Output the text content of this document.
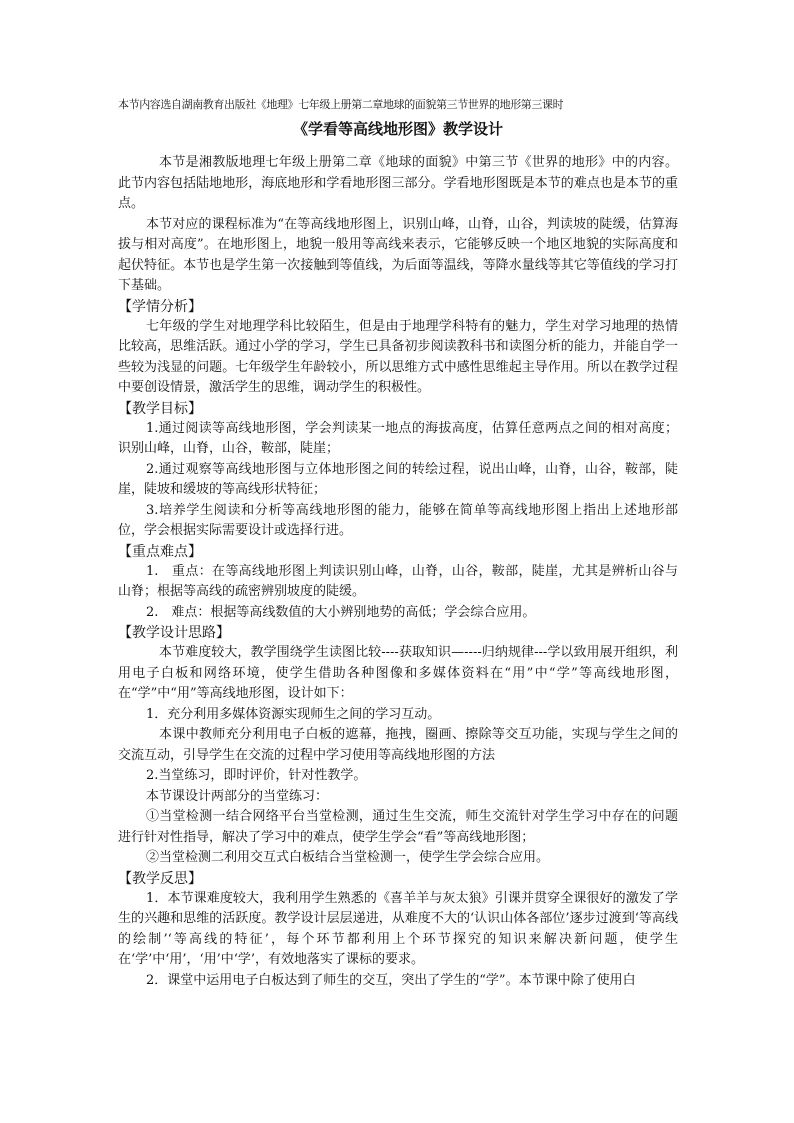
本节内容选自湖南教育出版社《地理》七年级上册第二章地球的面貌第三节世界的地形第三课时

《学看等高线地形图》教学设计

本节是湘教版地理七年级上册第二章《地球的面貌》中第三节《世界的地形》中的内容。此节内容包括陆地地形，海底地形和学看地形图三部分。学看地形图既是本节的难点也是本节的重点。

本节对应的课程标准为“在等高线地形图上，识别山峰，山脊，山谷，判读坡的陡缓，估算海拔与相对高度”。在地形图上，地貌一般用等高线来表示，它能够反映一个地区地貌的实际高度和起伏特征。本节也是学生第一次接触到等值线，为后面等温线，等降水量线等其它等值线的学习打下基础。

【学情分析】

七年级的学生对地理学科比较陌生，但是由于地理学科特有的魅力，学生对学习地理的热情比较高，思维活跃。通过小学的学习，学生已具备初步阅读教科书和读图分析的能力，并能自学一些较为浅显的问题。七年级学生年龄较小，所以思维方式中感性思维起主导作用。所以在教学过程中要创设情景，激活学生的思维，调动学生的积极性。

【教学目标】

1.通过阅读等高线地形图，学会判读某一地点的海拔高度，估算任意两点之间的相对高度；识别山峰，山脊，山谷，鞍部，陡崖；

2.通过观察等高线地形图与立体地形图之间的转绘过程，说出山峰，山脊，山谷，鞍部，陡崖，陡坡和缓坡的等高线形状特征；

3.培养学生阅读和分析等高线地形图的能力，能够在简单等高线地形图上指出上述地形部位，学会根据实际需要设计或选择行进。

【重点难点】

1.　重点：在等高线地形图上判读识别山峰，山脊，山谷，鞍部，陡崖，尤其是辨析山谷与山脊；根据等高线的疏密辨别坡度的陡缓。

2.　难点：根据等高线数值的大小辨别地势的高低；学会综合应用。

【教学设计思路】

本节难度较大，教学围绕学生读图比较----获取知识—----归纳规律---学以致用展开组织，利用电子白板和网络环境，使学生借助各种图像和多媒体资料在“用”中“学”等高线地形图，在“学”中“用”等高线地形图，设计如下：

1．充分利用多媒体资源实现师生之间的学习互动。

本课中教师充分利用电子白板的遮幕，拖拽，圈画、擦除等交互功能，实现与学生之间的交流互动，引导学生在交流的过程中学习使用等高线地形图的方法

2.当堂练习，即时评价，针对性教学。

本节课设计两部分的当堂练习：

①当堂检测一结合网络平台当堂检测，通过生生交流，师生交流针对学生学习中存在的问题进行针对性指导，解决了学习中的难点，使学生学会“看”等高线地形图；

②当堂检测二利用交互式白板结合当堂检测一，使学生学会综合应用。

【教学反思】

1．本节课难度较大，我利用学生熟悉的《喜羊羊与灰太狼》引课并贯穿全课很好的激发了学生的兴趣和思维的活跃度。教学设计层层递进，从难度不大的‘认识山体各部位’逐步过渡到‘等高线的绘制’‘等高线的特征’，每个环节都利用上个环节探究的知识来解决新问题，使学生在‘学’中‘用’，‘用’中‘学’，有效地落实了课标的要求。

2．课堂中运用电子白板达到了师生的交互，突出了学生的“学”。本节课中除了使用白
